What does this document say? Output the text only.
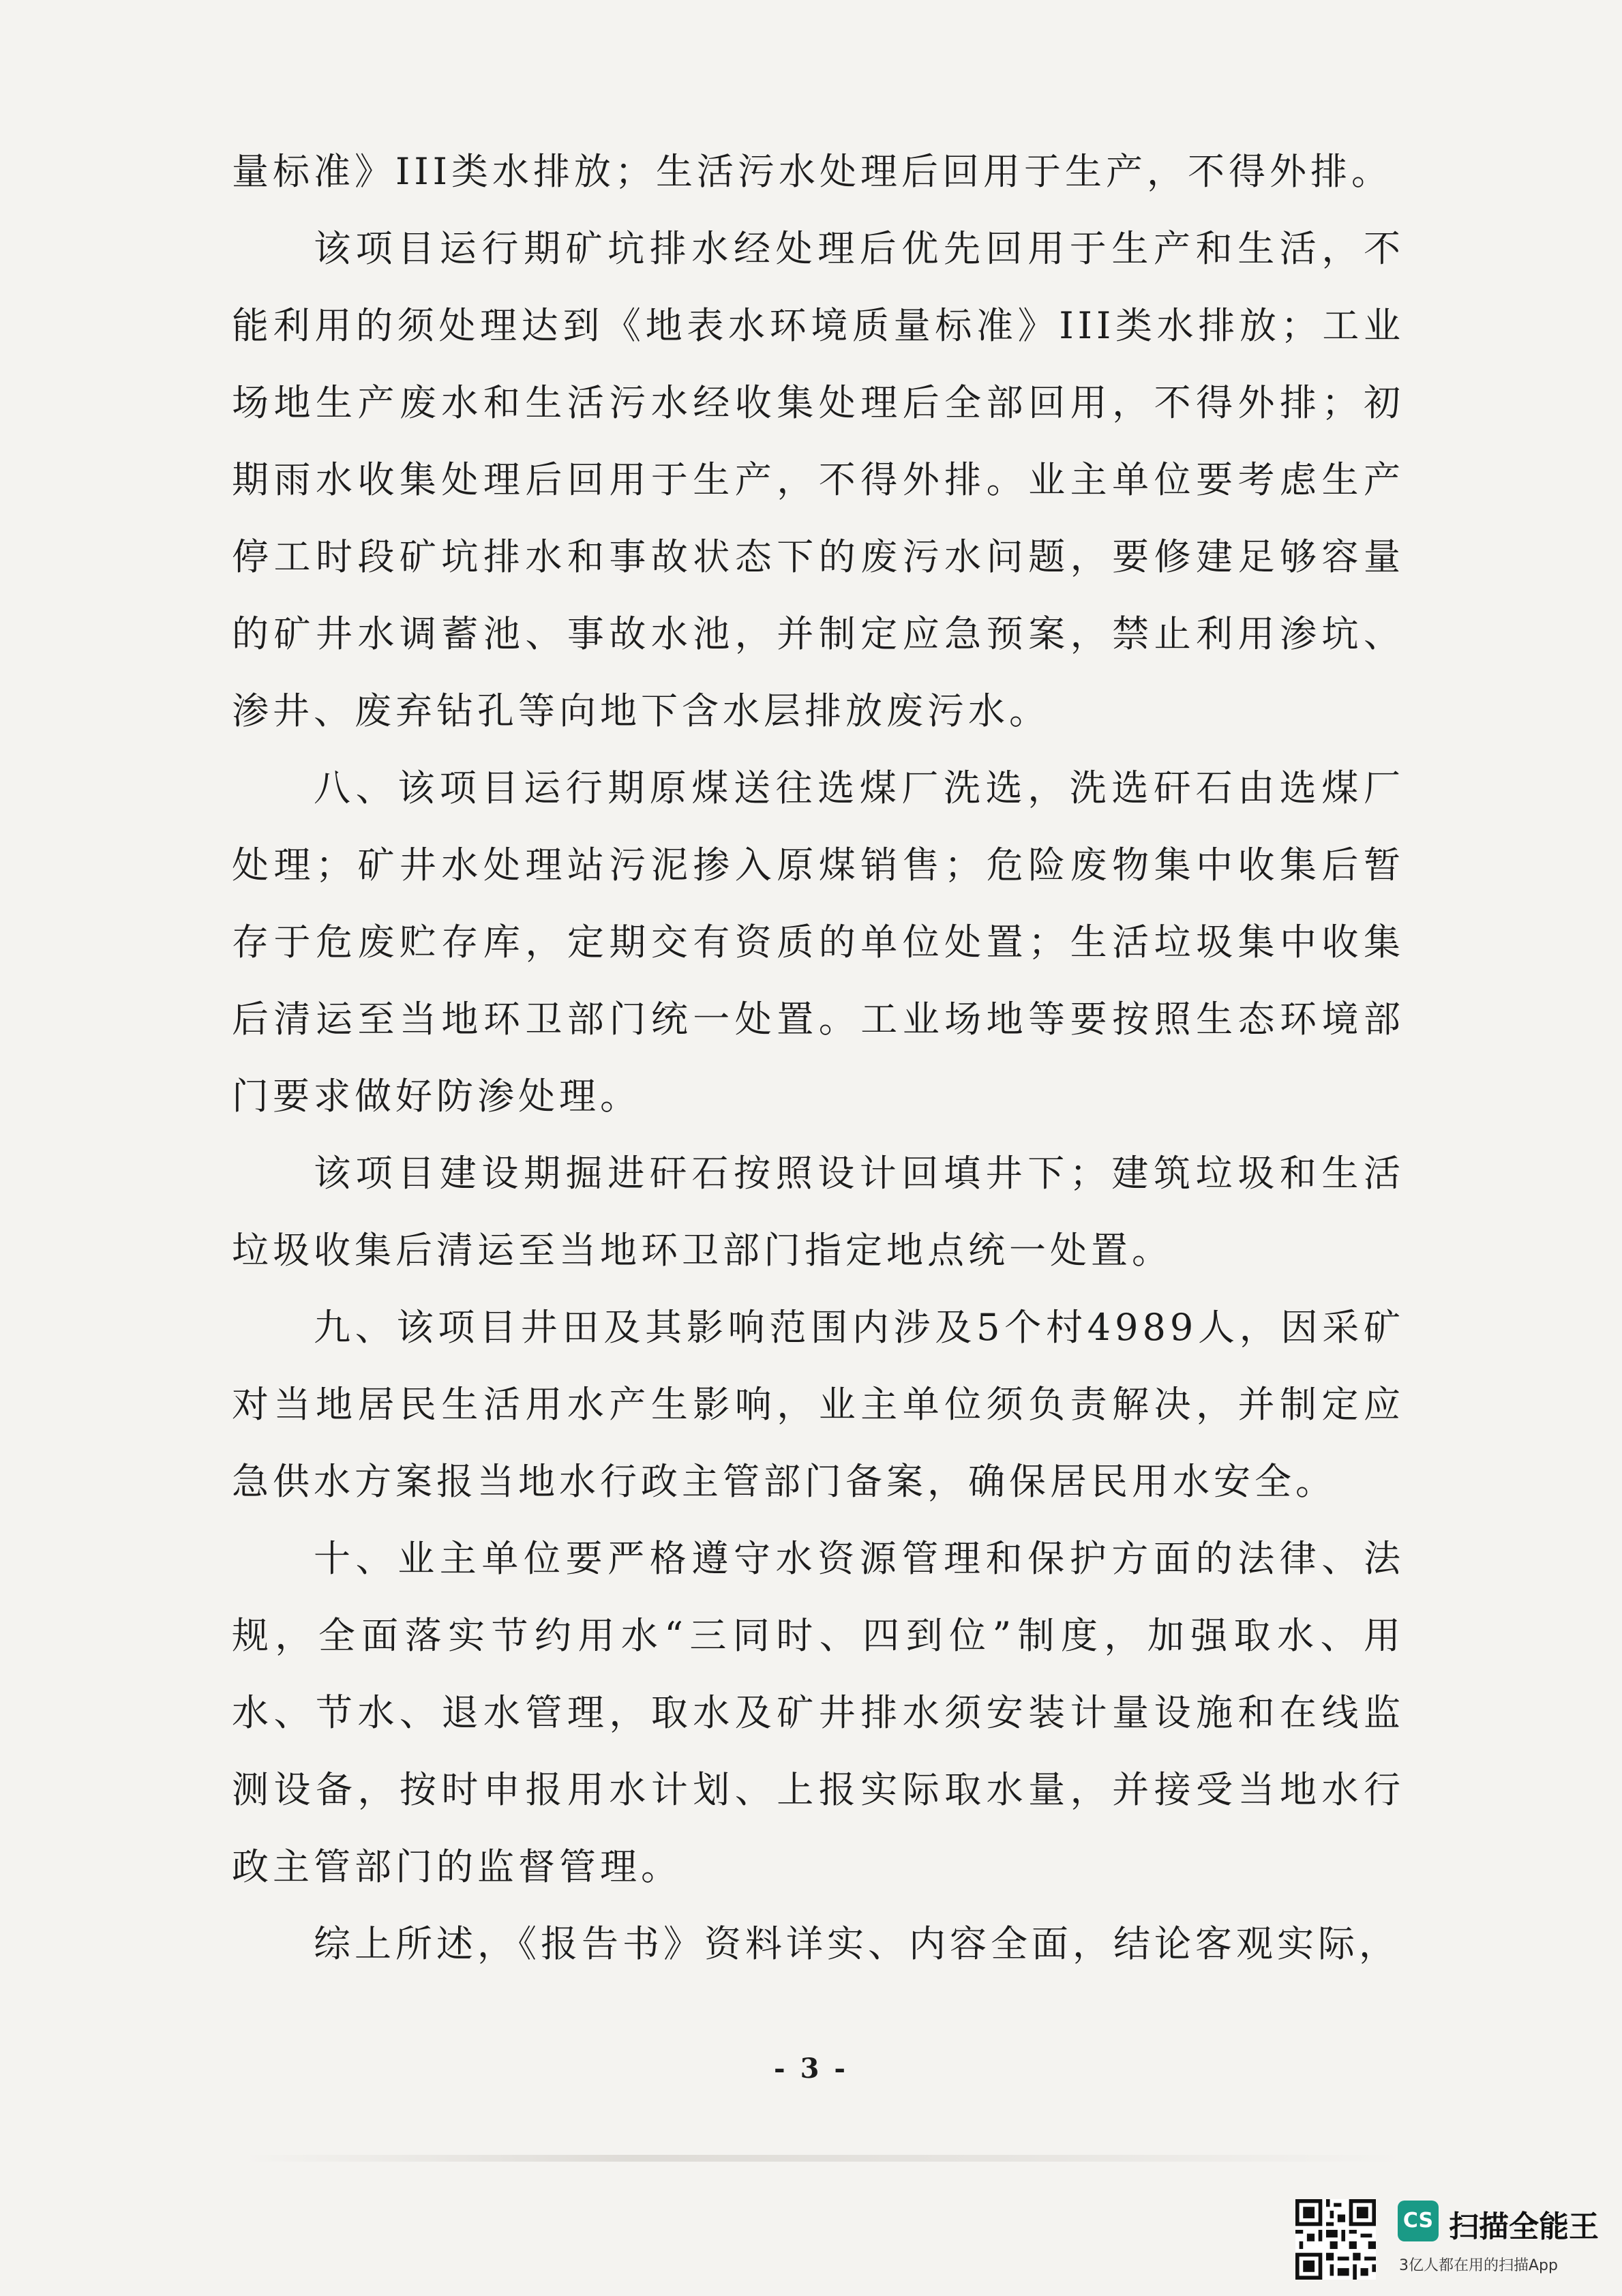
量标准》III类水排放；生活污水处理后回用于生产，不得外排。

该项目运行期矿坑排水经处理后优先回用于生产和生活，不能利用的须处理达到《地表水环境质量标准》III类水排放；工业场地生产废水和生活污水经收集处理后全部回用，不得外排；初期雨水收集处理后回用于生产，不得外排。业主单位要考虑生产停工时段矿坑排水和事故状态下的废污水问题，要修建足够容量的矿井水调蓄池、事故水池，并制定应急预案，禁止利用渗坑、渗井、废弃钻孔等向地下含水层排放废污水。

八、该项目运行期原煤送往选煤厂洗选，洗选矸石由选煤厂处理；矿井水处理站污泥掺入原煤销售；危险废物集中收集后暂存于危废贮存库，定期交有资质的单位处置；生活垃圾集中收集后清运至当地环卫部门统一处置。工业场地等要按照生态环境部门要求做好防渗处理。

该项目建设期掘进矸石按照设计回填井下；建筑垃圾和生活垃圾收集后清运至当地环卫部门指定地点统一处置。

九、该项目井田及其影响范围内涉及5个村4989人，因采矿对当地居民生活用水产生影响，业主单位须负责解决，并制定应急供水方案报当地水行政主管部门备案，确保居民用水安全。

十、业主单位要严格遵守水资源管理和保护方面的法律、法规，全面落实节约用水“三同时、四到位”制度，加强取水、用水、节水、退水管理，取水及矿井排水须安装计量设施和在线监测设备，按时申报用水计划、上报实际取水量，并接受当地水行政主管部门的监督管理。

综上所述，《报告书》资料详实、内容全面，结论客观实际，

- 3 -
CS 扫描全能王
3亿人都在用的扫描App
